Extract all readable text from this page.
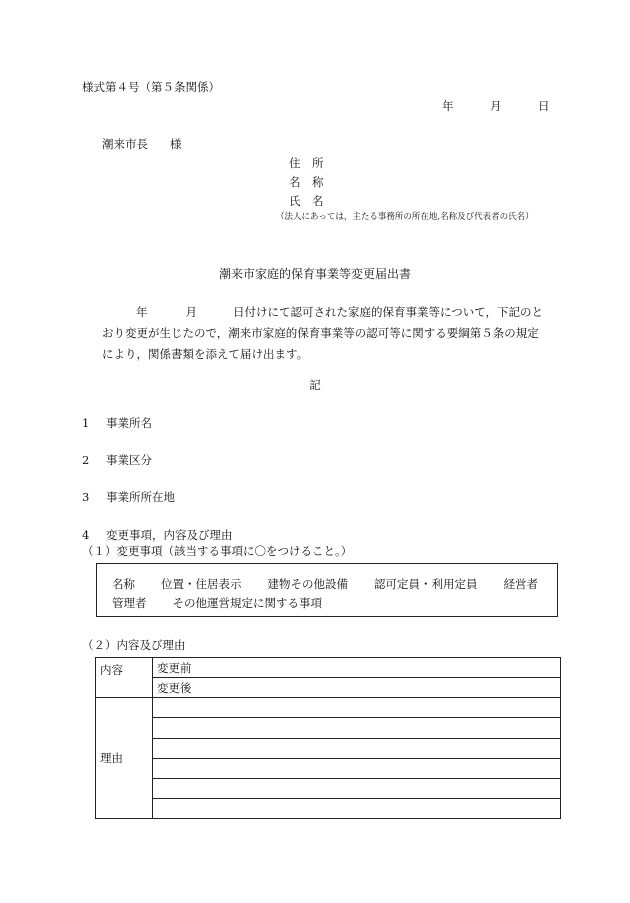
様式第４号（第５条関係）
年	月	日
潮来市長 様
住　所
名　称
氏　名
（法人にあっては，主たる事務所の所在地,名称及び代表者の氏名）
潮来市家庭的保育事業等変更届出書
年	月	日付けにて認可された家庭的保育事業等について，下記のと
おり変更が生じたので，潮来市家庭的保育事業等の認可等に関する要綱第５条の規定
により，関係書類を添えて届け出ます。
記
1 事業所名
2 事業区分
3 事業所所在地
4 変更事項，内容及び理由
（１）変更事項（該当する事項に〇をつけること。）
名称 位置・住居表示 建物その他設備 認可定員・利用定員 経営者
管理者 その他運営規定に関する事項
（２）内容及び理由
内容	変更前
	変更後
理由	
